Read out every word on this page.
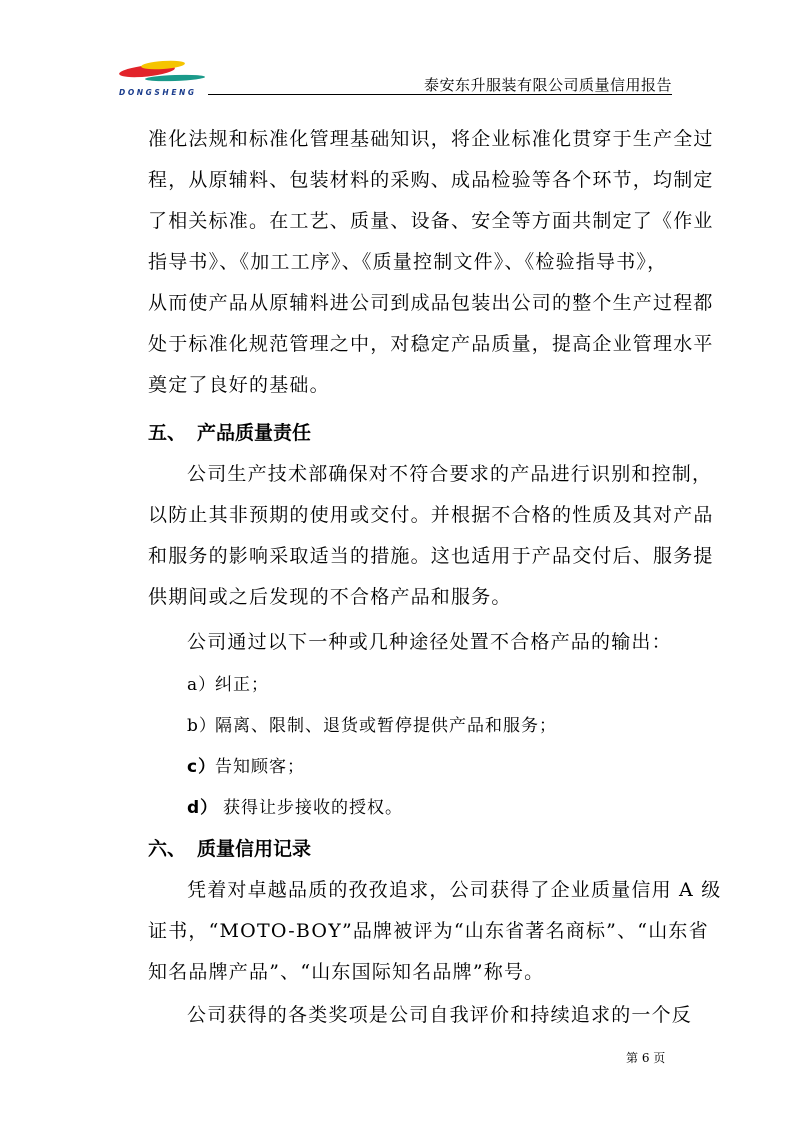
DONGSHENG	泰安东升服装有限公司质量信用报告
准化法规和标准化管理基础知识，将企业标准化贯穿于生产全过
程，从原辅料、包装材料的采购、成品检验等各个环节，均制定
了相关标准。在工艺、质量、设备、安全等方面共制定了《作业
指导书》、《加工工序》、《质量控制文件》、《检验指导书》，
从而使产品从原辅料进公司到成品包装出公司的整个生产过程都
处于标准化规范管理之中，对稳定产品质量，提高企业管理水平
奠定了良好的基础。
五、 产品质量责任
公司生产技术部确保对不符合要求的产品进行识别和控制，
以防止其非预期的使用或交付。并根据不合格的性质及其对产品
和服务的影响采取适当的措施。这也适用于产品交付后、服务提
供期间或之后发现的不合格产品和服务。
公司通过以下一种或几种途径处置不合格产品的输出：
a）纠正；
b）隔离、限制、退货或暂停提供产品和服务；
c）告知顾客；
d） 获得让步接收的授权。
六、 质量信用记录
凭着对卓越品质的孜孜追求，公司获得了企业质量信用 A 级
证书，“MOTO-BOY”品牌被评为“山东省著名商标”、“山东省
知名品牌产品”、“山东国际知名品牌”称号。
公司获得的各类奖项是公司自我评价和持续追求的一个反
第 6 页
